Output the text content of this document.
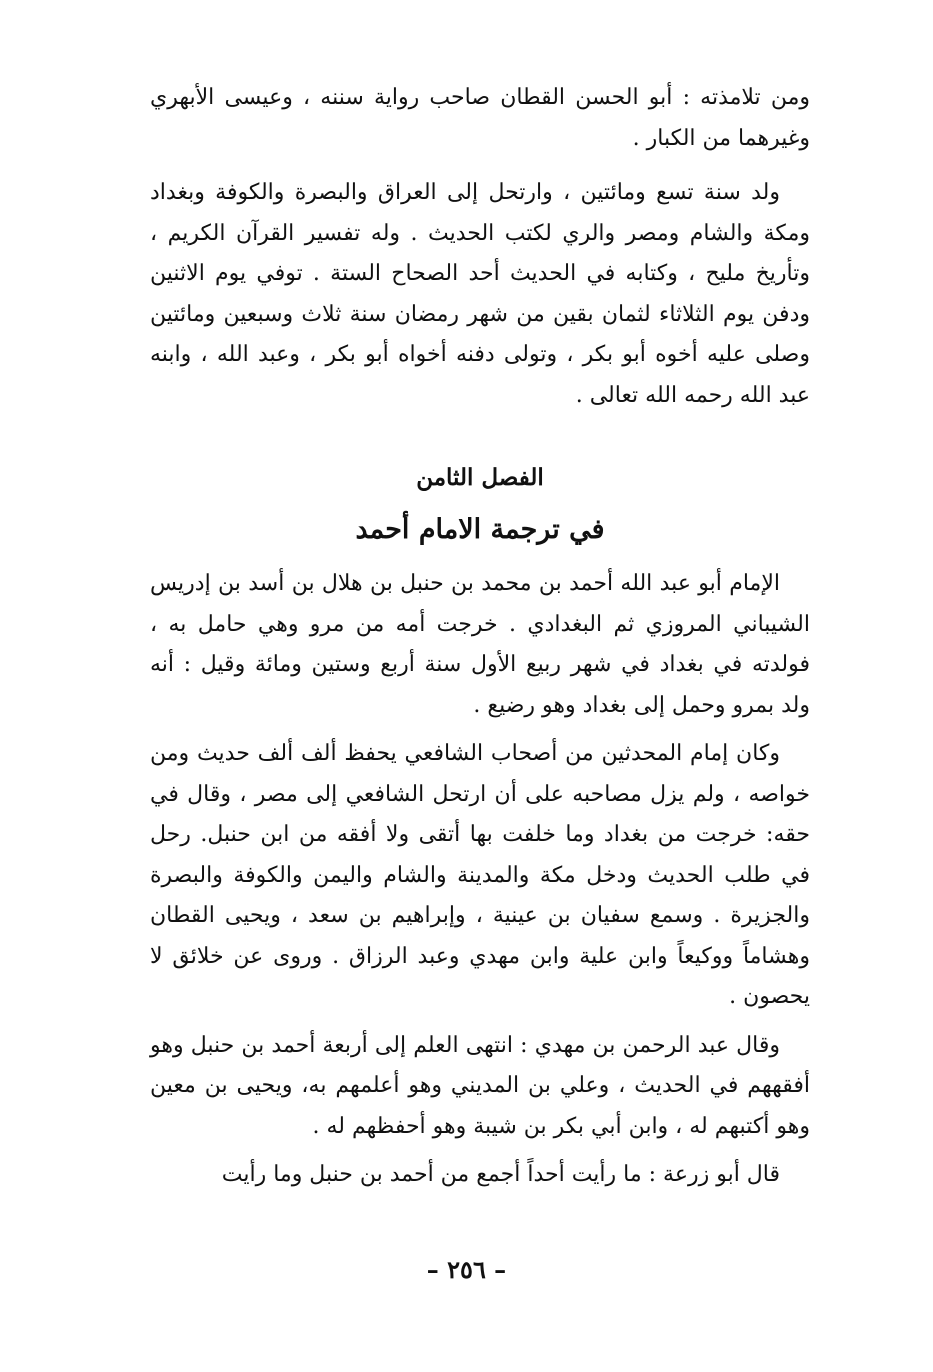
ومن تلامذته : أبو الحسن القطان صاحب رواية سننه ، وعيسى الأبهري وغيرهما من الكبار .

ولد سنة تسع ومائتين ، وارتحل إلى العراق والبصرة والكوفة وبغداد ومكة والشام ومصر والري لكتب الحديث . وله تفسير القرآن الكريم ، وتأريخ مليح ، وكتابه في الحديث أحد الصحاح الستة . توفي يوم الاثنين ودفن يوم الثلاثاء لثمان بقين من شهر رمضان سنة ثلاث وسبعين ومائتين وصلى عليه أخوه أبو بكر ، وتولى دفنه أخواه أبو بكر ، وعبد الله ، وابنه عبد الله رحمه الله تعالى .

الفصل الثامن

في ترجمة الامام أحمد

الإمام أبو عبد الله أحمد بن محمد بن حنبل بن هلال بن أسد بن إدريس الشيباني المروزي ثم البغدادي . خرجت أمه من مرو وهي حامل به ، فولدته في بغداد في شهر ربيع الأول سنة أربع وستين ومائة وقيل : أنه ولد بمرو وحمل إلى بغداد وهو رضيع .

وكان إمام المحدثين من أصحاب الشافعي يحفظ ألف ألف حديث ومن خواصه ، ولم يزل مصاحبه على أن ارتحل الشافعي إلى مصر ، وقال في حقه: خرجت من بغداد وما خلفت بها أتقى ولا أفقه من ابن حنبل. رحل في طلب الحديث ودخل مكة والمدينة والشام واليمن والكوفة والبصرة والجزيرة . وسمع سفيان بن عينية ، وإبراهيم بن سعد ، ويحيى القطان وهشاماً ووكيعاً وابن علية وابن مهدي وعبد الرزاق . وروى عن خلائق لا يحصون .

وقال عبد الرحمن بن مهدي : انتهى العلم إلى أربعة أحمد بن حنبل وهو أفقههم في الحديث ، وعلي بن المديني وهو أعلمهم به، ويحيى بن معين وهو أكتبهم له ، وابن أبي بكر بن شيبة وهو أحفظهم له .

قال أبو زرعة : ما رأيت أحداً أجمع من أحمد بن حنبل وما رأيت

– ٢٥٦ –
